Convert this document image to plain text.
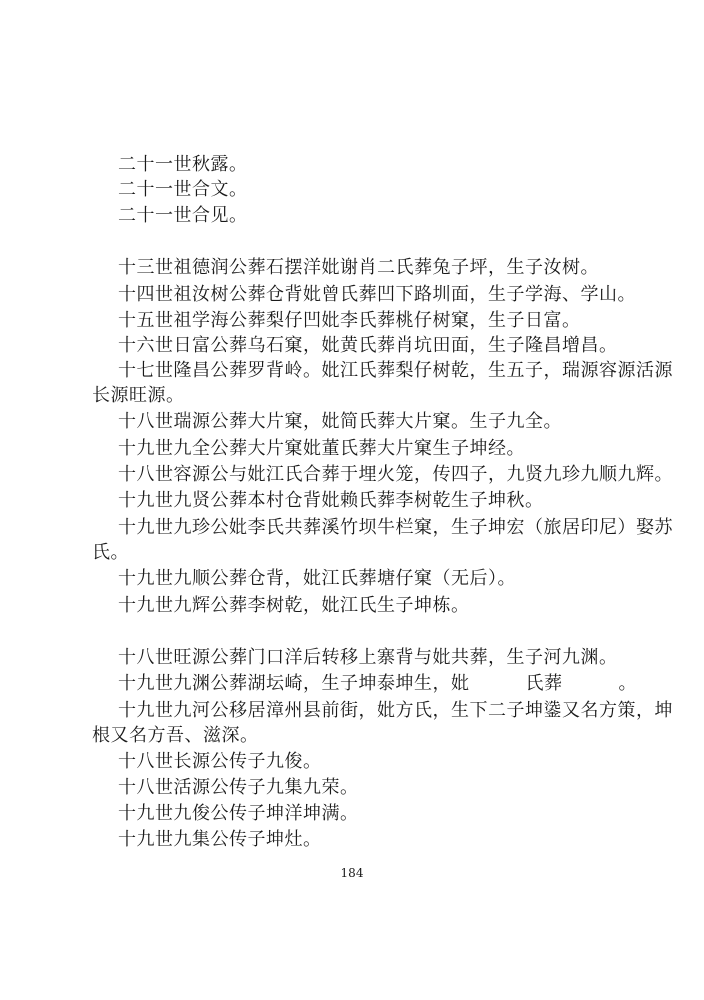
二十一世秋露。
二十一世合文。
二十一世合见。
十三世祖德润公葬石摆洋妣谢肖二氏葬兔子坪，生子汝树。
十四世祖汝树公葬仓背妣曾氏葬凹下路圳面，生子学海、学山。
十五世祖学海公葬梨仔凹妣李氏葬桃仔树窠，生子日富。
十六世日富公葬乌石窠，妣黄氏葬肖坑田面，生子隆昌增昌。
十七世隆昌公葬罗背岭。妣江氏葬梨仔树乾，生五子，瑞源容源活源
长源旺源。
十八世瑞源公葬大片窠，妣简氏葬大片窠。生子九全。
十九世九全公葬大片窠妣董氏葬大片窠生子坤经。
十八世容源公与妣江氏合葬于埋火笼，传四子，九贤九珍九顺九辉。
十九世九贤公葬本村仓背妣赖氏葬李树乾生子坤秋。
十九世九珍公妣李氏共葬溪竹坝牛栏窠，生子坤宏（旅居印尼）娶苏
氏。
十九世九顺公葬仓背，妣江氏葬塘仔窠（无后）。
十九世九辉公葬李树乾，妣江氏生子坤栋。
十八世旺源公葬门口洋后转移上寨背与妣共葬，生子河九渊。
十九世九渊公葬湖坛崎，生子坤泰坤生，妣	氏葬	。
十九世九河公移居漳州县前街，妣方氏，生下二子坤鍌又名方策，坤
根又名方吾、滋深。
十八世长源公传子九俊。
十八世活源公传子九集九荣。
十九世九俊公传子坤洋坤满。
十九世九集公传子坤灶。
184
